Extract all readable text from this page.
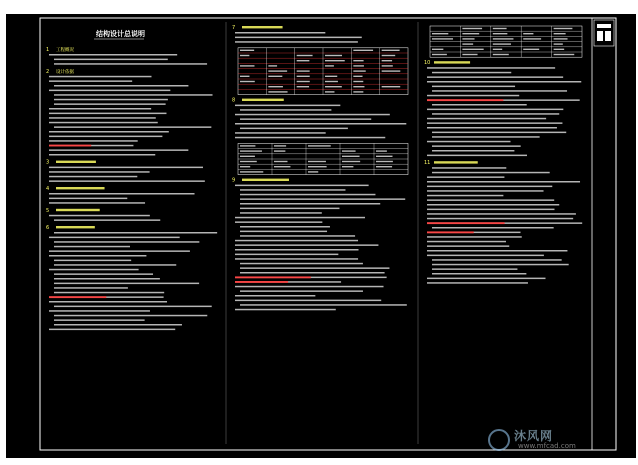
结构设计总说明
1 工程概况
2 设计依据
3
4
5
6
7
8
9
10
11
沐风网
www.mfcad.com
